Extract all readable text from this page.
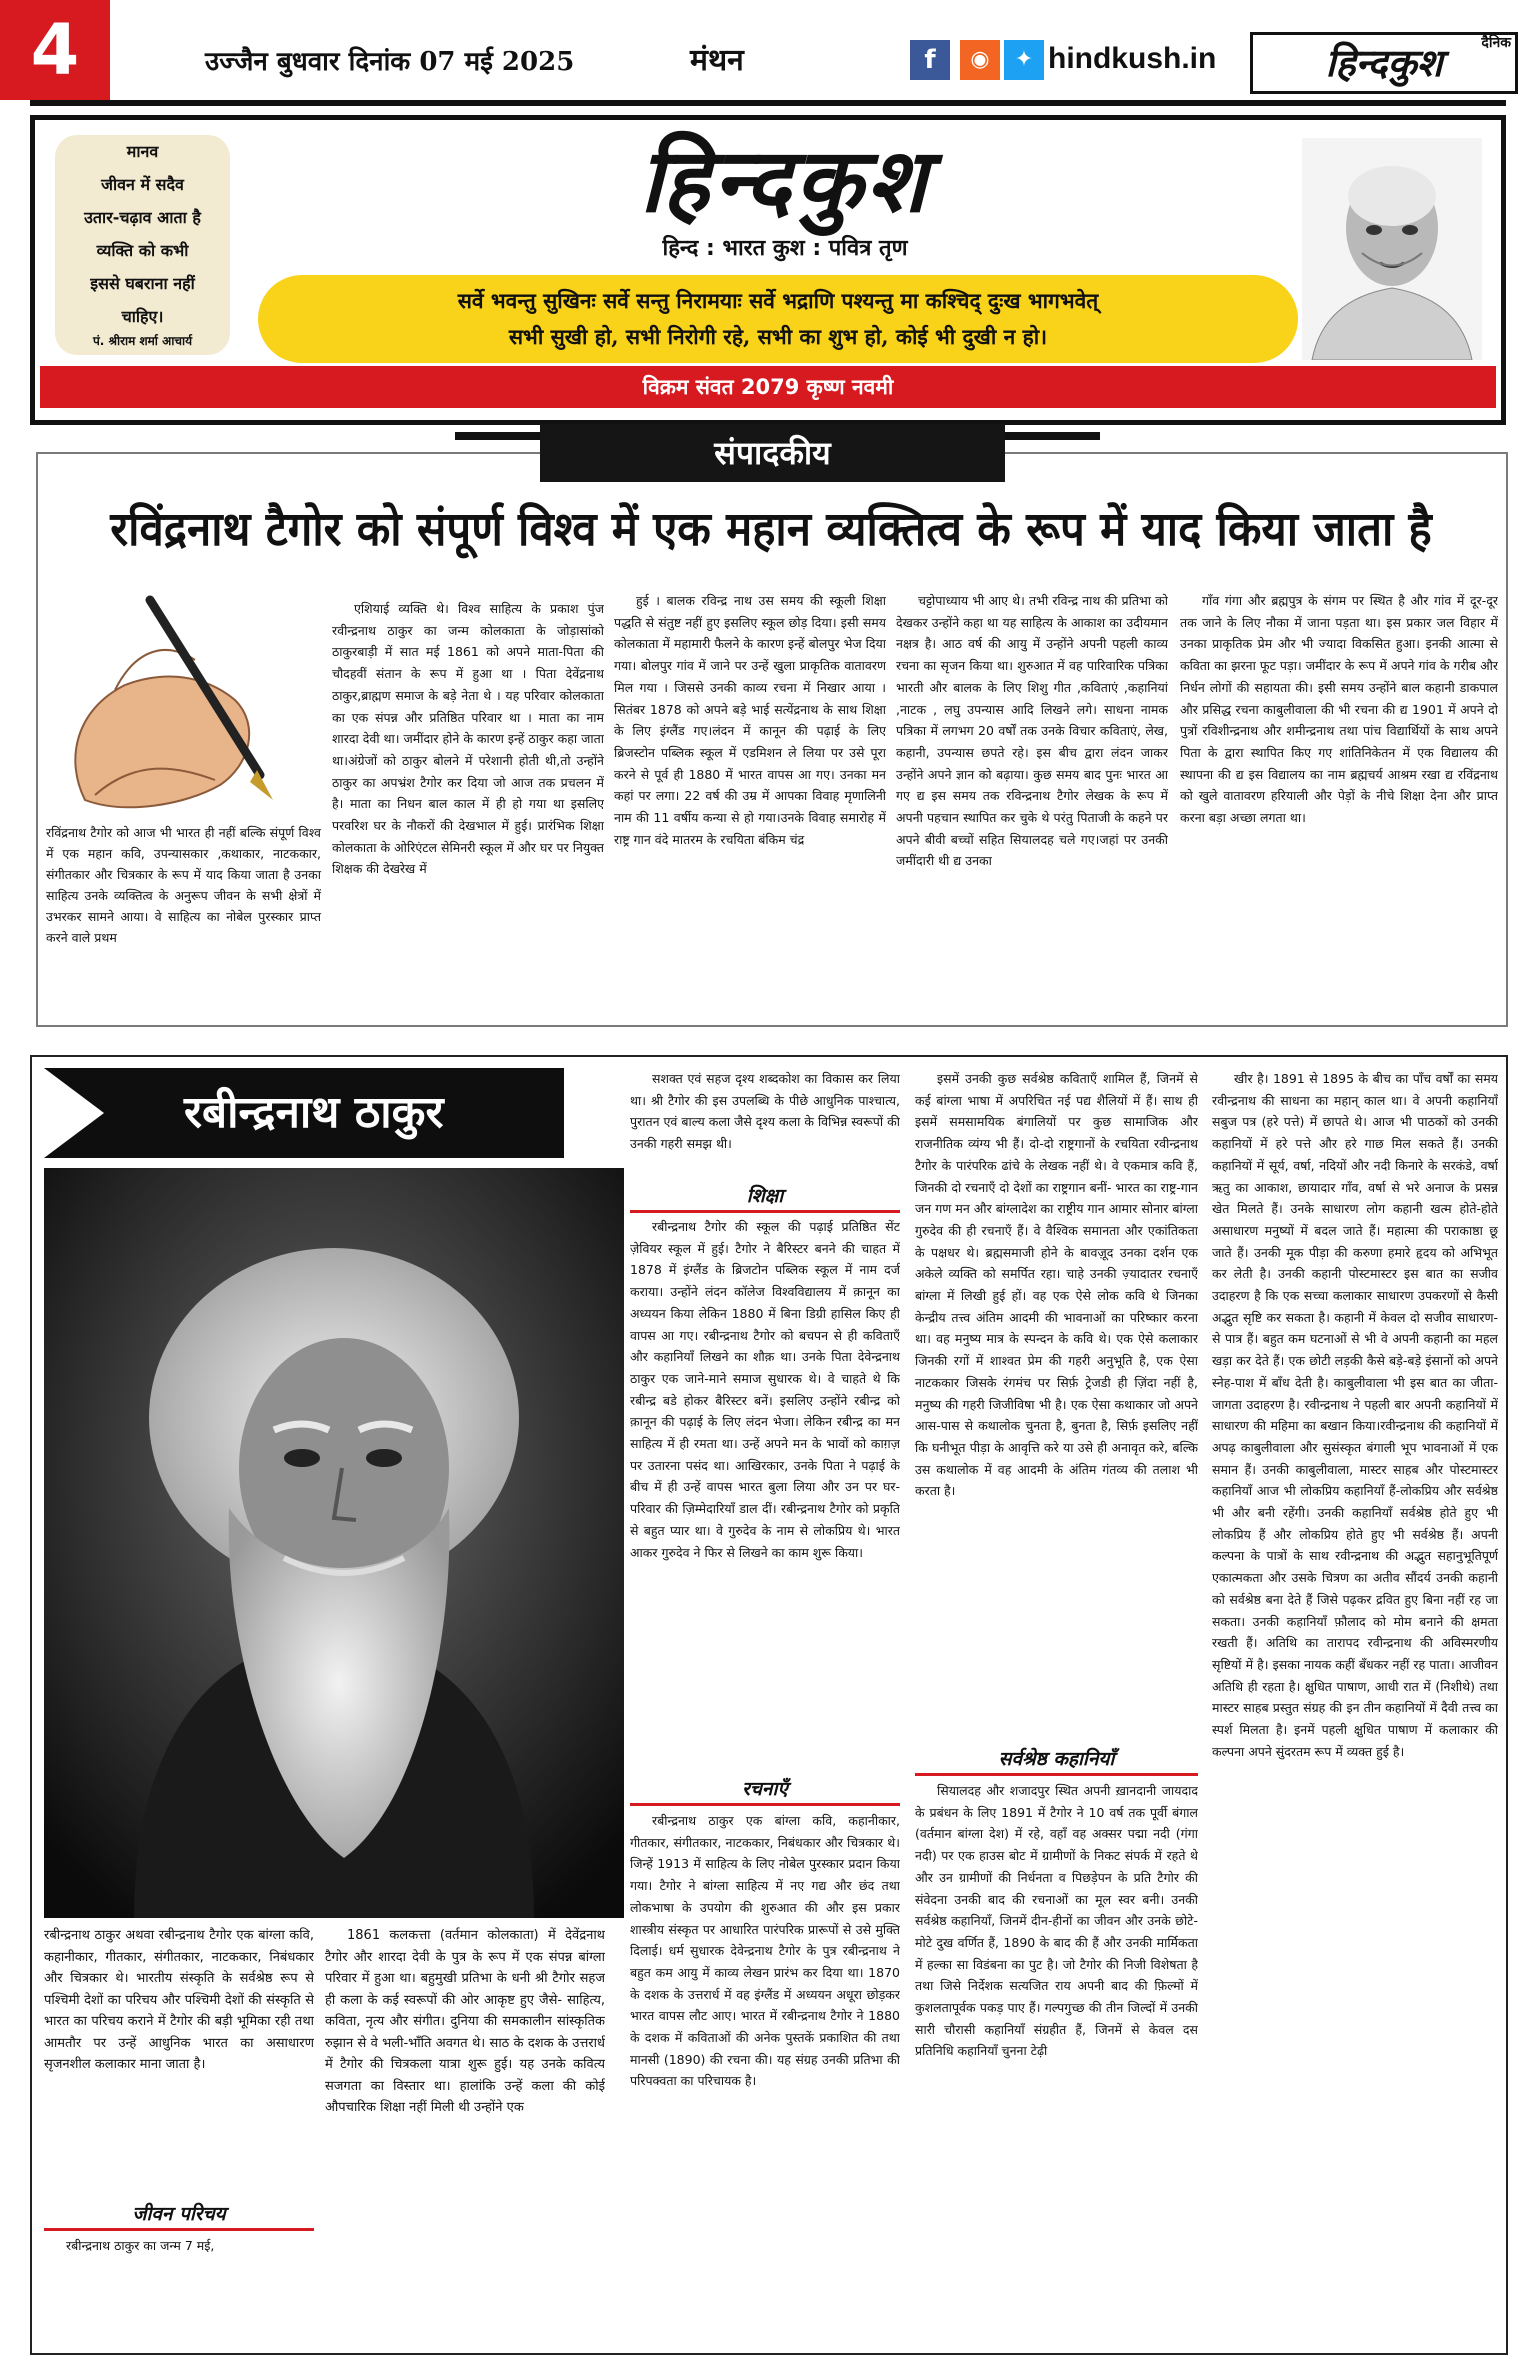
4	उज्जैन बुधवार दिनांक 07 मई 2025	मंथन	f	◉	✦ hindkush.in	दैनिक
हिन्दकुश
मानव
जीवन में सदैव
उतार-चढ़ाव आता है
व्यक्ति को कभी
इससे घबराना नहीं
चाहिए।
पं. श्रीराम शर्मा आचार्य
हिन्दकुश
हिन्द : भारत कुश : पवित्र तृण
सर्वे भवन्तु सुखिनः सर्वे सन्तु निरामयाः सर्वे भद्राणि पश्यन्तु मा कश्चिद् दुःख भागभवेत्
सभी सुखी हो, सभी निरोगी रहे, सभी का शुभ हो, कोई भी दुखी न हो।
विक्रम संवत 2079 कृष्ण नवमी
संपादकीय
रविंद्रनाथ टैगोर को संपूर्ण विश्व में एक महान व्यक्तित्व के रूप में याद किया जाता है
रविंद्रनाथ टैगोर को आज भी भारत ही नहीं बल्कि संपूर्ण विश्व में एक महान कवि, उपन्यासकार ,कथाकार, नाटककार, संगीतकार और चित्रकार के रूप में याद किया जाता है उनका साहित्य उनके व्यक्तित्व के अनुरूप जीवन के सभी क्षेत्रों में उभरकर सामने आया। वे साहित्य का नोबेल पुरस्कार प्राप्त करने वाले प्रथम

एशियाई व्यक्ति थे। विश्व साहित्य के प्रकाश पुंज रवीन्द्रनाथ ठाकुर का जन्म कोलकाता के जोड़ासांको ठाकुरबाड़ी में सात मई 1861 को अपने माता-पिता की चौदहवीं संतान के रूप में हुआ था । पिता देवेंद्रनाथ ठाकुर,ब्राह्मण समाज के बड़े नेता थे । यह परिवार कोलकाता का एक संपन्न और प्रतिष्ठित परिवार था । माता का नाम शारदा देवी था। जमींदार होने के कारण इन्हें ठाकुर कहा जाता था।अंग्रेजों को ठाकुर बोलने में परेशानी होती थी,तो उन्होंने ठाकुर का अपभ्रंश टैगोर कर दिया जो आज तक प्रचलन में है। माता का निधन बाल काल में ही हो गया था इसलिए परवरिश घर के नौकरों की देखभाल में हुई। प्रारंभिक शिक्षा कोलकाता के ओरिएंटल सेमिनरी स्कूल में और घर पर नियुक्त शिक्षक की देखरेख में

हुई । बालक रविन्द्र नाथ उस समय की स्कूली शिक्षा पद्धति से संतुष्ट नहीं हुए इसलिए स्कूल छोड़ दिया। इसी समय कोलकाता में महामारी फैलने के कारण इन्हें बोलपुर भेज दिया गया। बोलपुर गांव में जाने पर उन्हें खुला प्राकृतिक वातावरण मिल गया । जिससे उनकी काव्य रचना में निखार आया । सितंबर 1878 को अपने बड़े भाई सत्येंद्रनाथ के साथ शिक्षा के लिए इंग्लैंड गए।लंदन में कानून की पढ़ाई के लिए ब्रिजस्टोन पब्लिक स्कूल में एडमिशन ले लिया पर उसे पूरा करने से पूर्व ही 1880 में भारत वापस आ गए। उनका मन कहां पर लगा। 22 वर्ष की उम्र में आपका विवाह मृणालिनी नाम की 11 वर्षीय कन्या से हो गया।उनके विवाह समारोह में राष्ट्र गान वंदे मातरम के रचयिता बंकिम चंद्र

चट्टोपाध्याय भी आए थे। तभी रविन्द्र नाथ की प्रतिभा को देखकर उन्होंने कहा था यह साहित्य के आकाश का उदीयमान नक्षत्र है। आठ वर्ष की आयु में उन्होंने अपनी पहली काव्य रचना का सृजन किया था। शुरुआत में वह पारिवारिक पत्रिका भारती और बालक के लिए शिशु गीत ,कविताएं ,कहानियां ,नाटक , लघु उपन्यास आदि लिखने लगे। साधना नामक पत्रिका में लगभग 20 वर्षों तक उनके विचार कविताएं, लेख, कहानी, उपन्यास छपते रहे। इस बीच द्वारा लंदन जाकर उन्होंने अपने ज्ञान को बढ़ाया। कुछ समय बाद पुनः भारत आ गए द्य इस समय तक रविन्द्रनाथ टैगोर लेखक के रूप में अपनी पहचान स्थापित कर चुके थे परंतु पिताजी के कहने पर अपने बीवी बच्चों सहित सियालदह चले गए।जहां पर उनकी जमींदारी थी द्य उनका

गाँव गंगा और ब्रह्मपुत्र के संगम पर स्थित है और गांव में दूर-दूर तक जाने के लिए नौका में जाना पड़ता था। इस प्रकार जल विहार में उनका प्राकृतिक प्रेम और भी ज्यादा विकसित हुआ। इनकी आत्मा से कविता का झरना फूट पड़ा। जमींदार के रूप में अपने गांव के गरीब और निर्धन लोगों की सहायता की। इसी समय उन्होंने बाल कहानी डाकपाल और प्रसिद्ध रचना काबुलीवाला की भी रचना की द्य 1901 में अपने दो पुत्रों रविशीन्द्रनाथ और शमीन्द्रनाथ तथा पांच विद्यार्थियों के साथ अपने पिता के द्वारा स्थापित किए गए शांतिनिकेतन में एक विद्यालय की स्थापना की द्य इस विद्यालय का नाम ब्रह्मचर्य आश्रम रखा द्य रविंद्रनाथ को खुले वातावरण हरियाली और पेड़ों के नीचे शिक्षा देना और प्राप्त करना बड़ा अच्छा लगता था।

रबीन्द्रनाथ ठाकुर
रबीन्द्रनाथ ठाकुर अथवा रबीन्द्रनाथ टैगोर एक बांग्ला कवि, कहानीकार, गीतकार, संगीतकार, नाटककार, निबंधकार और चित्रकार थे। भारतीय संस्कृति के सर्वश्रेष्ठ रूप से पश्चिमी देशों का परिचय और पश्चिमी देशों की संस्कृति से भारत का परिचय कराने में टैगोर की बड़ी भूमिका रही तथा आमतौर पर उन्हें आधुनिक भारत का असाधारण सृजनशील कलाकार माना जाता है।
जीवन परिचय

रबीन्द्रनाथ ठाकुर का जन्म 7 मई,

1861 कलकत्ता (वर्तमान कोलकाता) में देवेंद्रनाथ टैगोर और शारदा देवी के पुत्र के रूप में एक संपन्न बांग्ला परिवार में हुआ था। बहुमुखी प्रतिभा के धनी श्री टैगोर सहज ही कला के कई स्वरूपों की ओर आकृष्ट हुए जैसे- साहित्य, कविता, नृत्य और संगीत। दुनिया की समकालीन सांस्कृतिक रुझान से वे भली-भाँति अवगत थे। साठ के दशक के उत्तरार्ध में टैगोर की चित्रकला यात्रा शुरू हुई। यह उनके कवित्य सजगता का विस्तार था। हालांकि उन्हें कला की कोई औपचारिक शिक्षा नहीं मिली थी उन्होंने एक

सशक्त एवं सहज दृश्य शब्दकोश का विकास कर लिया था। श्री टैगोर की इस उपलब्धि के पीछे आधुनिक पाश्चात्य, पुरातन एवं बाल्य कला जैसे दृश्य कला के विभिन्न स्वरूपों की उनकी गहरी समझ थी।

शिक्षा

रबीन्द्रनाथ टैगोर की स्कूल की पढ़ाई प्रतिष्ठित सेंट ज़ेवियर स्कूल में हुई। टैगोर ने बैरिस्टर बनने की चाहत में 1878 में इंग्लैंड के ब्रिजटोन पब्लिक स्कूल में नाम दर्ज कराया। उन्होंने लंदन कॉलेज विश्वविद्यालय में क़ानून का अध्ययन किया लेकिन 1880 में बिना डिग्री हासिल किए ही वापस आ गए। रबीन्द्रनाथ टैगोर को बचपन से ही कविताएँ और कहानियाँ लिखने का शौक़ था। उनके पिता देवेन्द्रनाथ ठाकुर एक जाने-माने समाज सुधारक थे। वे चाहते थे कि रबीन्द्र बडे होकर बैरिस्टर बनें। इसलिए उन्होंने रबीन्द्र को क़ानून की पढ़ाई के लिए लंदन भेजा। लेकिन रबीन्द्र का मन साहित्य में ही रमता था। उन्हें अपने मन के भावों को काग़ज़ पर उतारना पसंद था। आखिरकार, उनके पिता ने पढ़ाई के बीच में ही उन्हें वापस भारत बुला लिया और उन पर घर-परिवार की ज़िम्मेदारियाँ डाल दीं। रबीन्द्रनाथ टैगोर को प्रकृति से बहुत प्यार था। वे गुरुदेव के नाम से लोकप्रिय थे। भारत आकर गुरुदेव ने फिर से लिखने का काम शुरू किया।

रचनाएँ

रबीन्द्रनाथ ठाकुर एक बांग्ला कवि, कहानीकार, गीतकार, संगीतकार, नाटककार, निबंधकार और चित्रकार थे। जिन्हें 1913 में साहित्य के लिए नोबेल पुरस्कार प्रदान किया गया। टैगोर ने बांग्ला साहित्य में नए गद्य और छंद तथा लोकभाषा के उपयोग की शुरुआत की और इस प्रकार शास्त्रीय संस्कृत पर आधारित पारंपरिक प्रारूपों से उसे मुक्ति दिलाई। धर्म सुधारक देवेन्द्रनाथ टैगोर के पुत्र रबीन्द्रनाथ ने बहुत कम आयु में काव्य लेखन प्रारंभ कर दिया था। 1870 के दशक के उत्तरार्ध में वह इंग्लैंड में अध्ययन अधूरा छोड़कर भारत वापस लौट आए। भारत में रबीन्द्रनाथ टैगोर ने 1880 के दशक में कविताओं की अनेक पुस्तकें प्रकाशित की तथा मानसी (1890) की रचना की। यह संग्रह उनकी प्रतिभा की परिपक्वता का परिचायक है।

इसमें उनकी कुछ सर्वश्रेष्ठ कविताएँ शामिल हैं, जिनमें से कई बांग्ला भाषा में अपरिचित नई पद्य शैलियों में हैं। साथ ही इसमें समसामयिक बंगालियों पर कुछ सामाजिक और राजनीतिक व्यंग्य भी हैं। दो-दो राष्ट्रगानों के रचयिता रवीन्द्रनाथ टैगोर के पारंपरिक ढांचे के लेखक नहीं थे। वे एकमात्र कवि हैं, जिनकी दो रचनाएँ दो देशों का राष्ट्रगान बनीं- भारत का राष्ट्र-गान जन गण मन और बांग्लादेश का राष्ट्रीय गान आमार सोनार बांग्ला गुरुदेव की ही रचनाएँ हैं। वे वैश्विक समानता और एकांतिकता के पक्षधर थे। ब्रह्मसमाजी होने के बावज़ूद उनका दर्शन एक अकेले व्यक्ति को समर्पित रहा। चाहे उनकी ज़्यादातर रचनाएँ बांग्ला में लिखी हुई हों। वह एक ऐसे लोक कवि थे जिनका केन्द्रीय तत्त्व अंतिम आदमी की भावनाओं का परिष्कार करना था। वह मनुष्य मात्र के स्पन्दन के कवि थे। एक ऐसे कलाकार जिनकी रगों में शाश्वत प्रेम की गहरी अनुभूति है, एक ऐसा नाटककार जिसके रंगमंच पर सिर्फ़ ट्रेजडी ही ज़िंदा नहीं है, मनुष्य की गहरी जिजीविषा भी है। एक ऐसा कथाकार जो अपने आस-पास से कथालोक चुनता है, बुनता है, सिर्फ़ इसलिए नहीं कि घनीभूत पीड़ा के आवृत्ति करे या उसे ही अनावृत करे, बल्कि उस कथालोक में वह आदमी के अंतिम गंतव्य की तलाश भी करता है।

सर्वश्रेष्ठ कहानियाँ

सियालदह और शजादपुर स्थित अपनी ख़ानदानी जायदाद के प्रबंधन के लिए 1891 में टैगोर ने 10 वर्ष तक पूर्वी बंगाल (वर्तमान बांग्ला देश) में रहे, वहाँ वह अक्सर पद्मा नदी (गंगा नदी) पर एक हाउस बोट में ग्रामीणों के निकट संपर्क में रहते थे और उन ग्रामीणों की निर्धनता व पिछड़ेपन के प्रति टैगोर की संवेदना उनकी बाद की रचनाओं का मूल स्वर बनी। उनकी सर्वश्रेष्ठ कहानियाँ, जिनमें दीन-हीनों का जीवन और उनके छोटे-मोटे दुख वर्णित हैं, 1890 के बाद की हैं और उनकी मार्मिकता में हल्का सा विडंबना का पुट है। जो टैगोर की निजी विशेषता है तथा जिसे निर्देशक सत्यजित राय अपनी बाद की फ़िल्मों में कुशलतापूर्वक पकड़ पाए हैं। गल्पगुच्छ की तीन जिल्दों में उनकी सारी चौरासी कहानियाँ संग्रहीत हैं, जिनमें से केवल दस प्रतिनिधि कहानियाँ चुनना टेढ़ी

खीर है। 1891 से 1895 के बीच का पाँच वर्षों का समय रवीन्द्रनाथ की साधना का महान् काल था। वे अपनी कहानियाँ सबुज पत्र (हरे पत्ते) में छापते थे। आज भी पाठकों को उनकी कहानियों में हरे पत्ते और हरे गाछ मिल सकते हैं। उनकी कहानियों में सूर्य, वर्षा, नदियों और नदी किनारे के सरकंडे, वर्षा ऋतु का आकाश, छायादार गाँव, वर्षा से भरे अनाज के प्रसन्न खेत मिलते हैं। उनके साधारण लोग कहानी खत्म होते-होते असाधारण मनुष्यों में बदल जाते हैं। महात्मा की पराकाष्ठा छू जाते हैं। उनकी मूक पीड़ा की करुणा हमारे हृदय को अभिभूत कर लेती है। उनकी कहानी पोस्टमास्टर इस बात का सजीव उदाहरण है कि एक सच्चा कलाकार साधारण उपकरणों से कैसी अद्भुत सृष्टि कर सकता है। कहानी में केवल दो सजीव साधारण-से पात्र हैं। बहुत कम घटनाओं से भी वे अपनी कहानी का महल खड़ा कर देते हैं। एक छोटी लड़की कैसे बड़े-बड़े इंसानों को अपने स्नेह-पाश में बाँध देती है। काबुलीवाला भी इस बात का जीता-जागता उदाहरण है। रवीन्द्रनाथ ने पहली बार अपनी कहानियों में साधारण की महिमा का बखान किया।रवीन्द्रनाथ की कहानियों में अपढ़ काबुलीवाला और सुसंस्कृत बंगाली भूप भावनाओं में एक समान हैं। उनकी काबुलीवाला, मास्टर साहब और पोस्टमास्टर कहानियाँ आज भी लोकप्रिय कहानियाँ हैं-लोकप्रिय और सर्वश्रेष्ठ भी और बनी रहेंगी। उनकी कहानियाँ सर्वश्रेष्ठ होते हुए भी लोकप्रिय हैं और लोकप्रिय होते हुए भी सर्वश्रेष्ठ हैं। अपनी कल्पना के पात्रों के साथ रवीन्द्रनाथ की अद्भुत सहानुभूतिपूर्ण एकात्मकता और उसके चित्रण का अतीव सौंदर्य उनकी कहानी को सर्वश्रेष्ठ बना देते हैं जिसे पढ़कर द्रवित हुए बिना नहीं रह जा सकता। उनकी कहानियाँ फ़ौलाद को मोम बनाने की क्षमता रखती हैं। अतिथि का तारापद रवीन्द्रनाथ की अविस्मरणीय सृष्टियों में है। इसका नायक कहीं बँधकर नहीं रह पाता। आजीवन अतिथि ही रहता है। क्षुधित पाषाण, आधी रात में (निशीथे) तथा मास्टर साहब प्रस्तुत संग्रह की इन तीन कहानियों में दैवी तत्त्व का स्पर्श मिलता है। इनमें पहली क्षुधित पाषाण में कलाकार की कल्पना अपने सुंदरतम रूप में व्यक्त हुई है।
